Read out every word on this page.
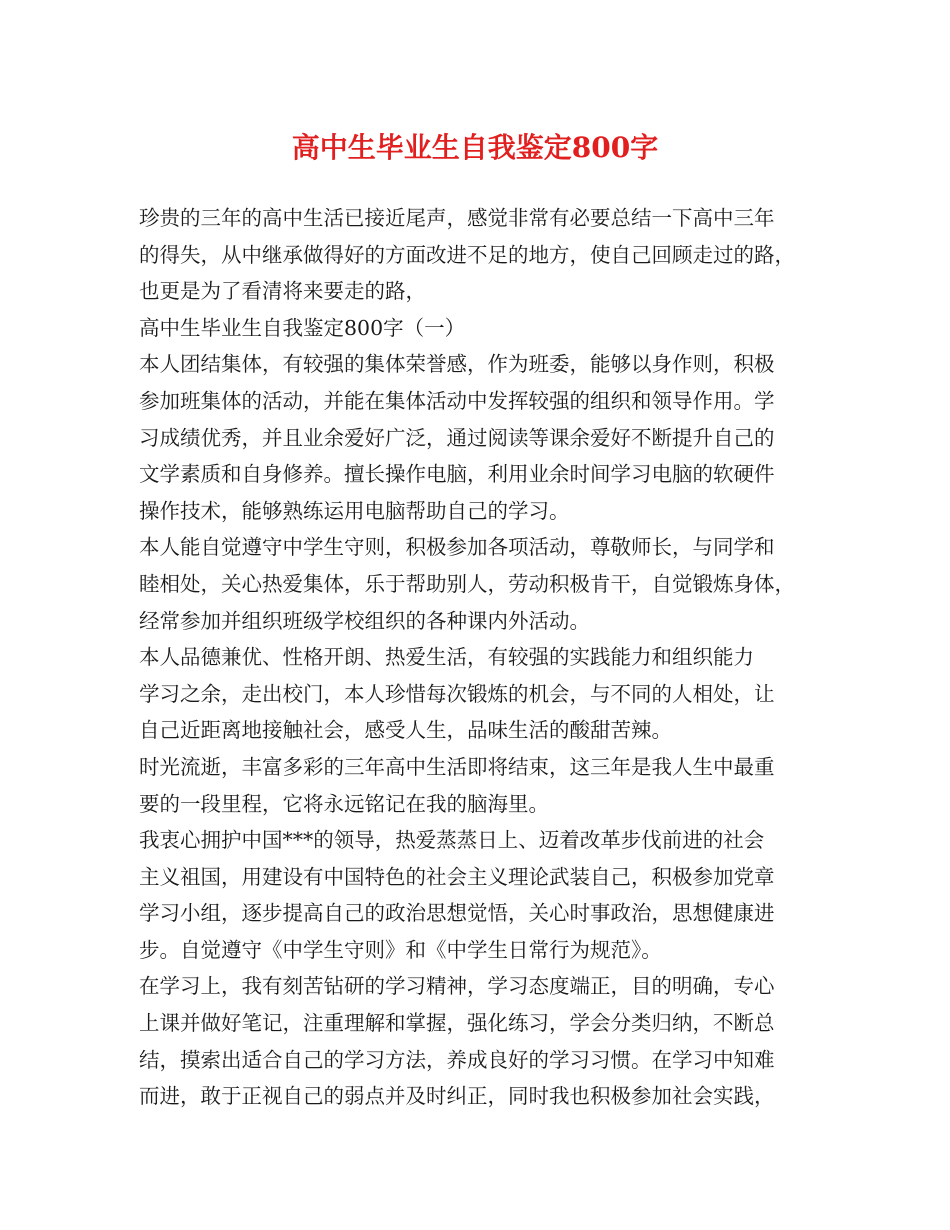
高中生毕业生自我鉴定800字
珍贵的三年的高中生活已接近尾声，感觉非常有必要总结一下高中三年
的得失，从中继承做得好的方面改进不足的地方，使自己回顾走过的路，
也更是为了看清将来要走的路，
高中生毕业生自我鉴定800字（一）
本人团结集体，有较强的集体荣誉感，作为班委，能够以身作则，积极
参加班集体的活动，并能在集体活动中发挥较强的组织和领导作用。学
习成绩优秀，并且业余爱好广泛，通过阅读等课余爱好不断提升自己的
文学素质和自身修养。擅长操作电脑，利用业余时间学习电脑的软硬件
操作技术，能够熟练运用电脑帮助自己的学习。
本人能自觉遵守中学生守则，积极参加各项活动，尊敬师长，与同学和
睦相处，关心热爱集体，乐于帮助别人，劳动积极肯干，自觉锻炼身体，
经常参加并组织班级学校组织的各种课内外活动。
本人品德兼优、性格开朗、热爱生活，有较强的实践能力和组织能力
学习之余，走出校门，本人珍惜每次锻炼的机会，与不同的人相处，让
自己近距离地接触社会，感受人生，品味生活的酸甜苦辣。
时光流逝，丰富多彩的三年高中生活即将结束，这三年是我人生中最重
要的一段里程，它将永远铭记在我的脑海里。
我衷心拥护中国***的领导，热爱蒸蒸日上、迈着改革步伐前进的社会
主义祖国，用建设有中国特色的社会主义理论武装自己，积极参加党章
学习小组，逐步提高自己的政治思想觉悟，关心时事政治，思想健康进
步。自觉遵守《中学生守则》和《中学生日常行为规范》。
在学习上，我有刻苦钻研的学习精神，学习态度端正，目的明确，专心
上课并做好笔记，注重理解和掌握，强化练习，学会分类归纳，不断总
结，摸索出适合自己的学习方法，养成良好的学习习惯。在学习中知难
而进，敢于正视自己的弱点并及时纠正，同时我也积极参加社会实践，
